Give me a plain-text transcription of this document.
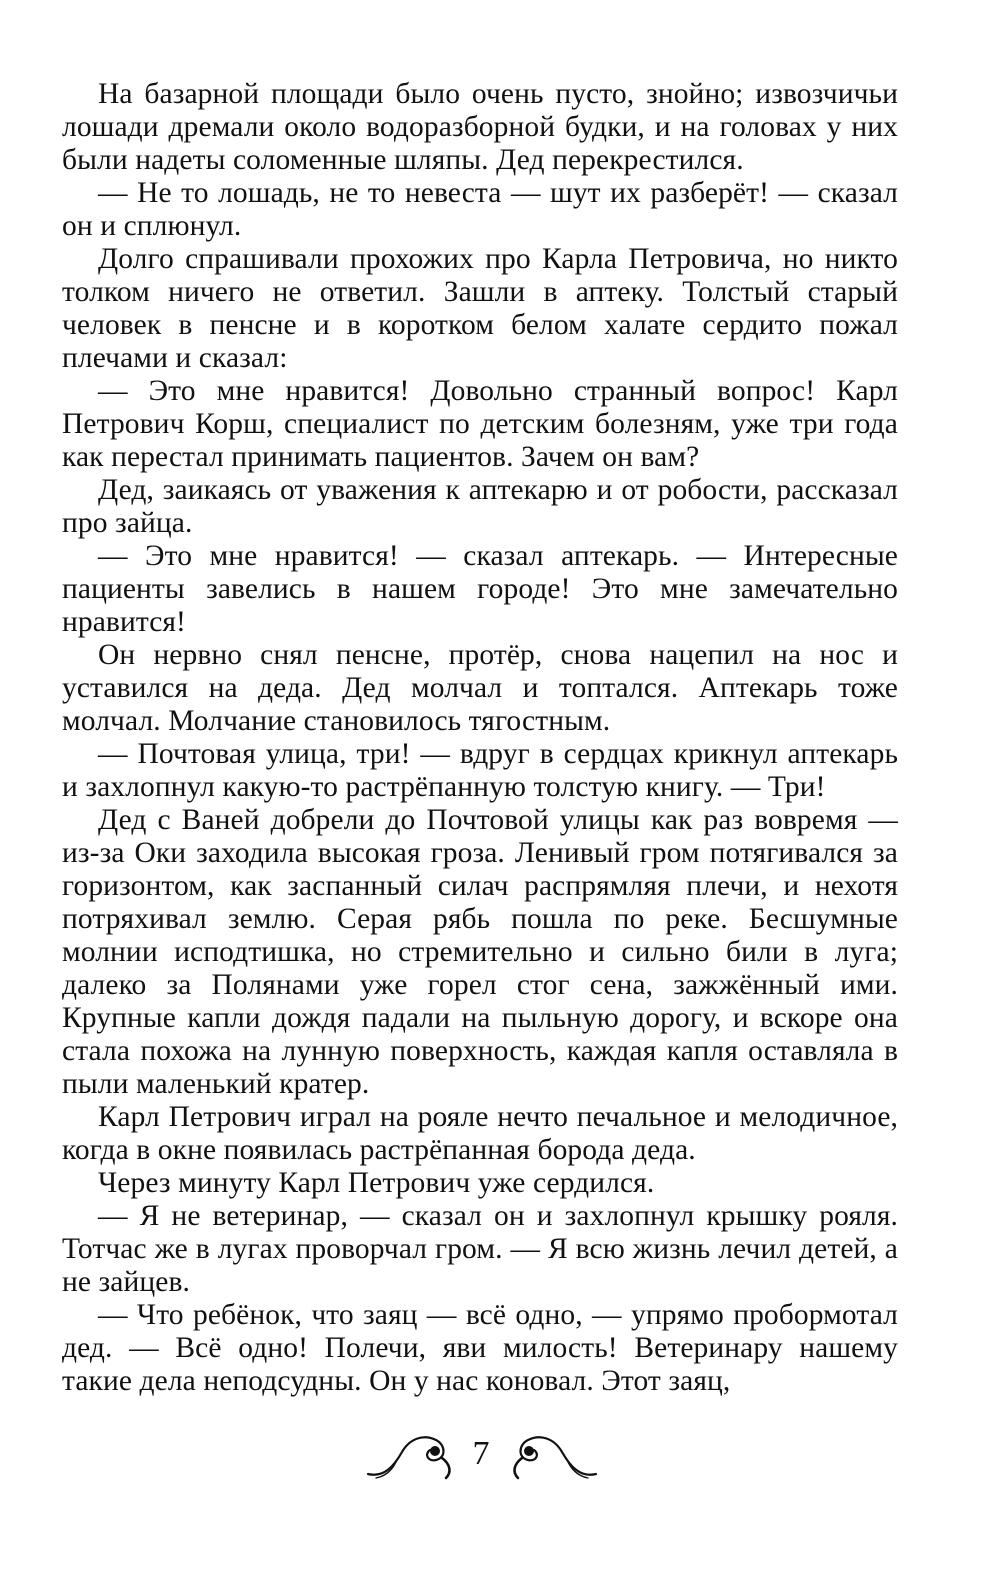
На базарной площади было очень пусто, знойно; извозчичьи лошади дремали около водоразборной будки, и на головах у них были надеты соломенные шляпы. Дед перекрестился.

— Не то лошадь, не то невеста — шут их разберёт! — сказал он и сплюнул.

Долго спрашивали прохожих про Карла Петровича, но никто толком ничего не ответил. Зашли в аптеку. Толстый старый человек в пенсне и в коротком белом халате сердито пожал плечами и сказал:

— Это мне нравится! Довольно странный вопрос! Карл Петрович Корш, специалист по детским болезням, уже три года как перестал принимать пациентов. Зачем он вам?

Дед, заикаясь от уважения к аптекарю и от робости, рассказал про зайца.

— Это мне нравится! — сказал аптекарь. — Интересные пациенты завелись в нашем городе! Это мне замечательно нравится!

Он нервно снял пенсне, протёр, снова нацепил на нос и уставился на деда. Дед молчал и топтался. Аптекарь тоже молчал. Молчание становилось тягостным.

— Почтовая улица, три! — вдруг в сердцах крикнул аптекарь и захлопнул какую-то растрёпанную толстую книгу. — Три!

Дед с Ваней добрели до Почтовой улицы как раз вовремя — из-за Оки заходила высокая гроза. Ленивый гром потягивался за горизонтом, как заспанный силач распрямляя плечи, и нехотя потряхивал землю. Серая рябь пошла по реке. Бесшумные молнии исподтишка, но стремительно и сильно били в луга; далеко за Полянами уже горел стог сена, зажжённый ими. Крупные капли дождя падали на пыльную дорогу, и вскоре она стала похожа на лунную поверхность, каждая капля оставляла в пыли маленький кратер.

Карл Петрович играл на рояле нечто печальное и мелодичное, когда в окне появилась растрёпанная борода деда.

Через минуту Карл Петрович уже сердился.

— Я не ветеринар, — сказал он и захлопнул крышку рояля. Тотчас же в лугах проворчал гром. — Я всю жизнь лечил детей, а не зайцев.

— Что ребёнок, что заяц — всё одно, — упрямо пробормотал дед. — Всё одно! Полечи, яви милость! Ветеринару нашему такие дела неподсудны. Он у нас коновал. Этот заяц,

7
